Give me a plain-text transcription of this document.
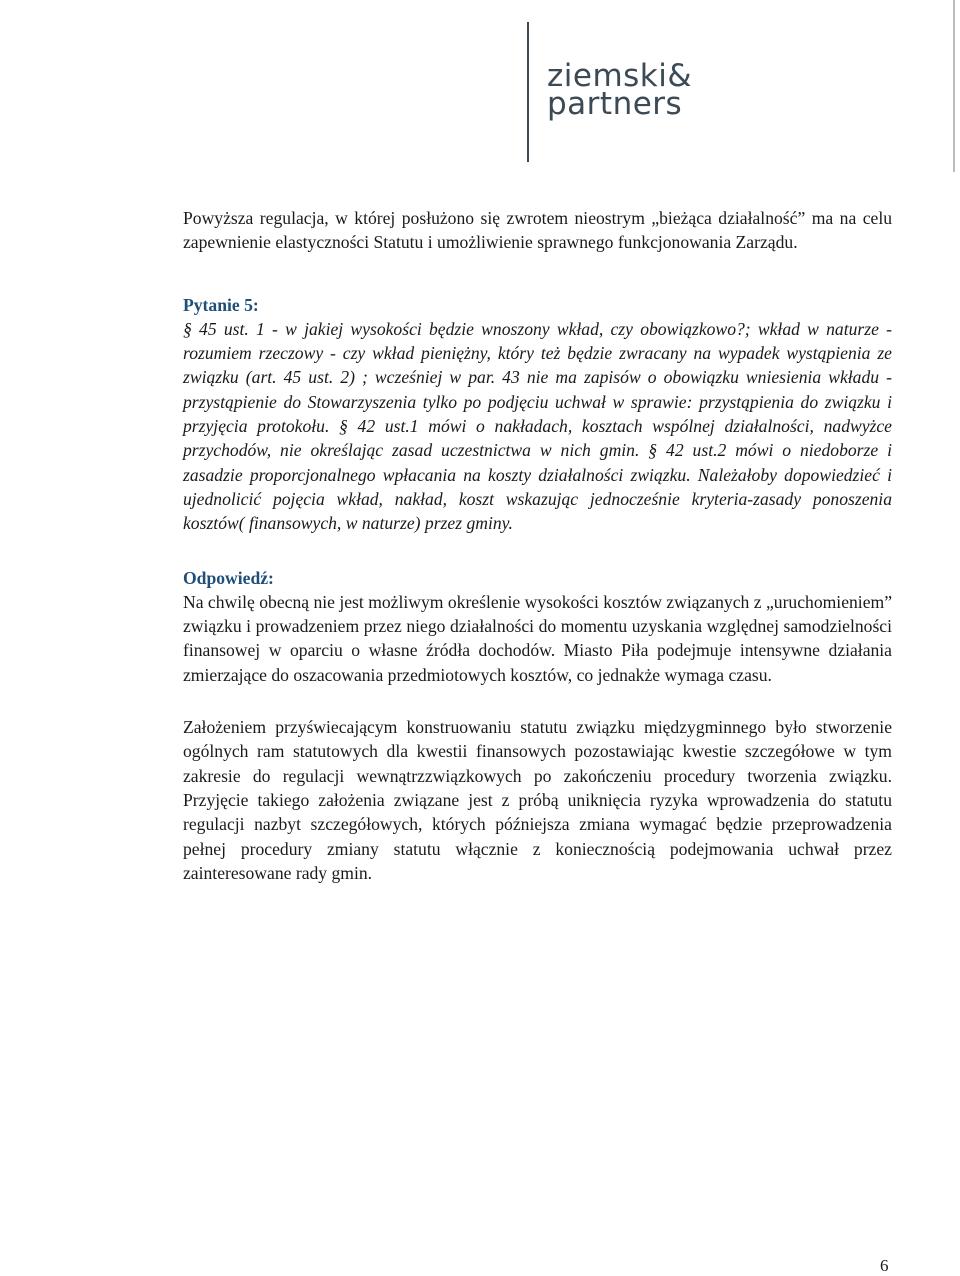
ziemski&
partners

Powyższa regulacja, w której posłużono się zwrotem nieostrym „bieżąca działalność” ma na celu zapewnienie elastyczności Statutu i umożliwienie sprawnego funkcjonowania Zarządu.

Pytanie 5:

§ 45 ust. 1 - w jakiej wysokości będzie wnoszony wkład, czy obowiązkowo?; wkład w naturze - rozumiem rzeczowy - czy wkład pieniężny, który też będzie zwracany na wypadek wystąpienia ze związku (art. 45 ust. 2) ; wcześniej w par. 43 nie ma zapisów o obowiązku wniesienia wkładu - przystąpienie do Stowarzyszenia tylko po podjęciu uchwał w sprawie: przystąpienia do związku i przyjęcia protokołu. § 42 ust.1 mówi o nakładach, kosztach wspólnej działalności, nadwyżce przychodów, nie określając zasad uczestnictwa w nich gmin. § 42 ust.2 mówi o niedoborze i zasadzie proporcjonalnego wpłacania na koszty działalności związku. Należałoby dopowiedzieć i ujednolicić pojęcia wkład, nakład, koszt wskazując jednocześnie kryteria-zasady ponoszenia kosztów( finansowych, w naturze) przez gminy.

Odpowiedź:

Na chwilę obecną nie jest możliwym określenie wysokości kosztów związanych z „uruchomieniem” związku i prowadzeniem przez niego działalności do momentu uzyskania względnej samodzielności finansowej w oparciu o własne źródła dochodów. Miasto Piła podejmuje intensywne działania zmierzające do oszacowania przedmiotowych kosztów, co jednakże wymaga czasu.

Założeniem przyświecającym konstruowaniu statutu związku międzygminnego było stworzenie ogólnych ram statutowych dla kwestii finansowych pozostawiając kwestie szczegółowe w tym zakresie do regulacji wewnątrzzwiązkowych po zakończeniu procedury tworzenia związku. Przyjęcie takiego założenia związane jest z próbą uniknięcia ryzyka wprowadzenia do statutu regulacji nazbyt szczegółowych, których późniejsza zmiana wymagać będzie przeprowadzenia pełnej procedury zmiany statutu włącznie z koniecznością podejmowania uchwał przez zainteresowane rady gmin.

6
